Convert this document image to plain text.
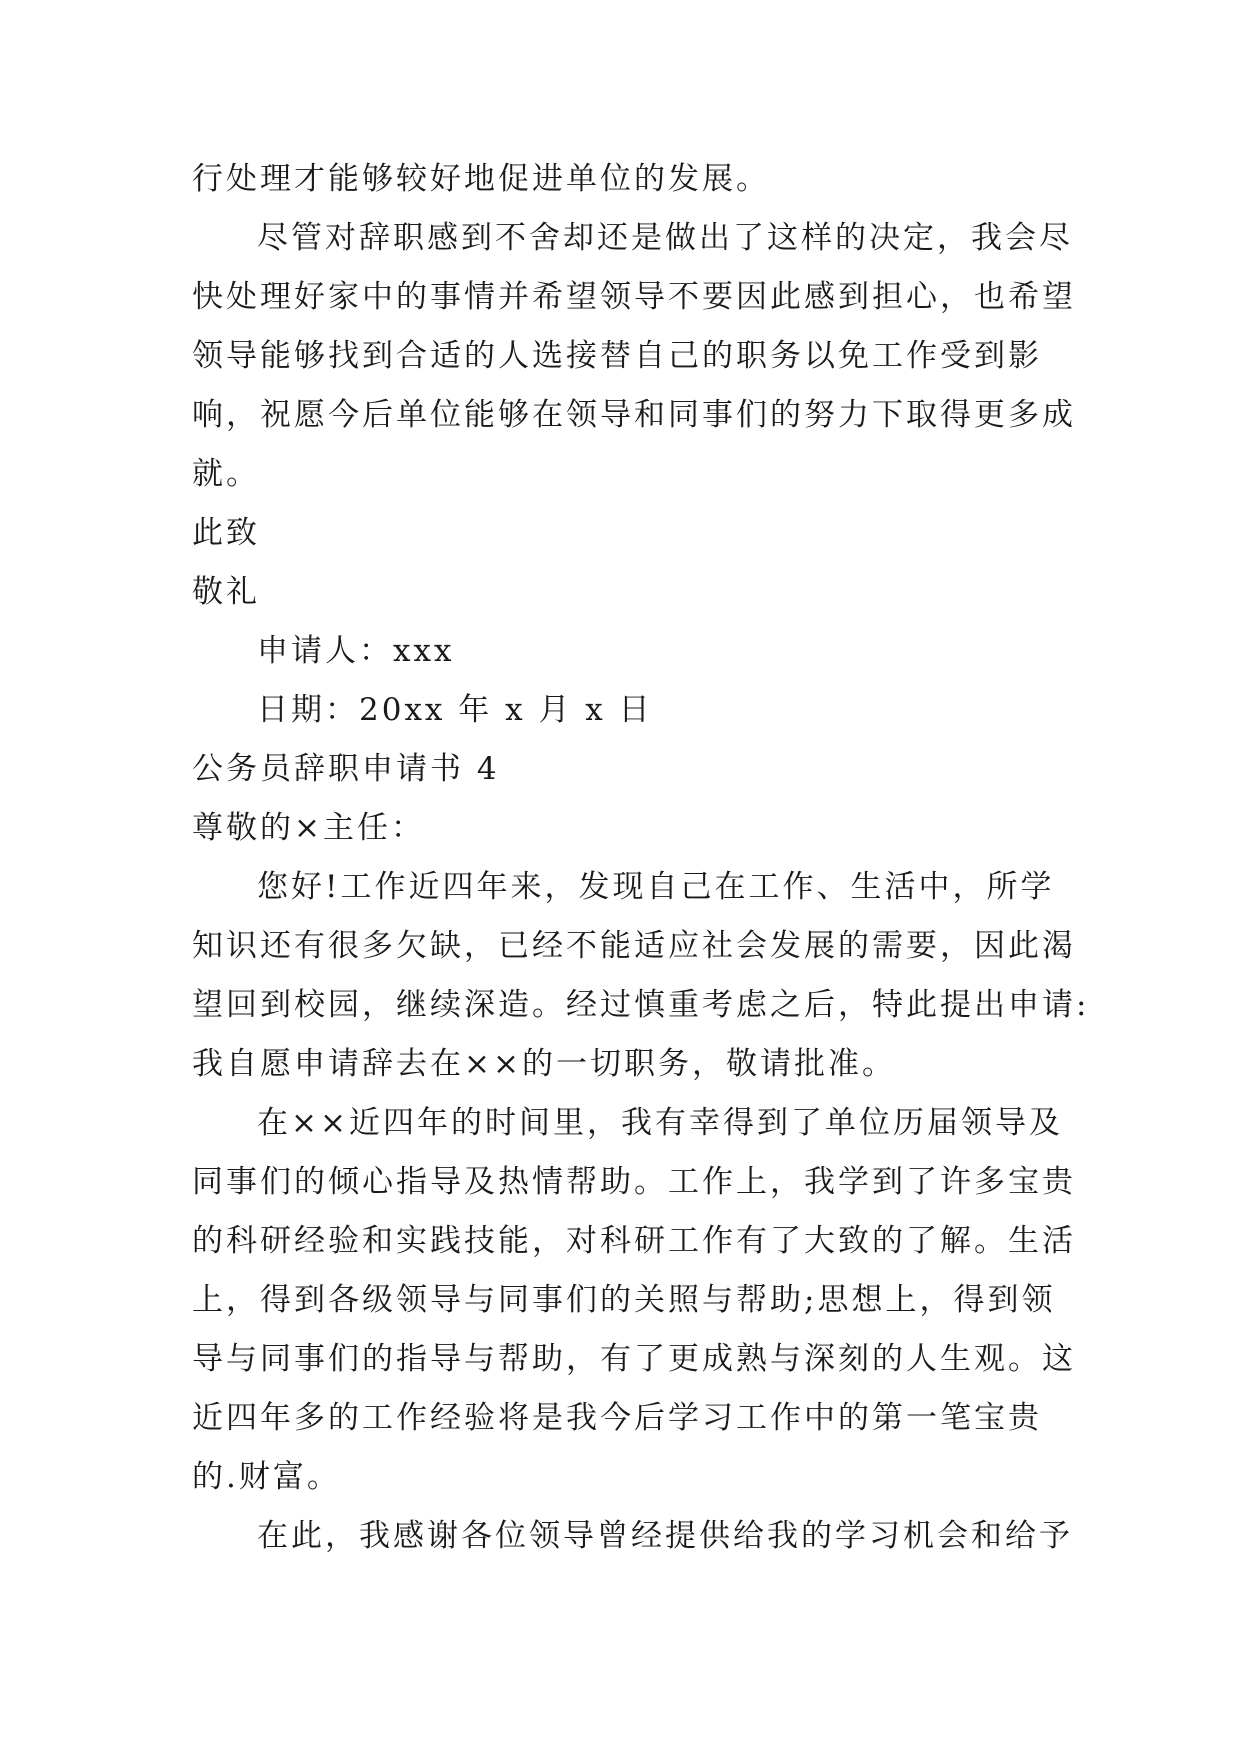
行处理才能够较好地促进单位的发展。
尽管对辞职感到不舍却还是做出了这样的决定，我会尽
快处理好家中的事情并希望领导不要因此感到担心，也希望
领导能够找到合适的人选接替自己的职务以免工作受到影
响，祝愿今后单位能够在领导和同事们的努力下取得更多成
就。
此致
敬礼
申请人：xxx
日期：20xx 年 x 月 x 日
公务员辞职申请书 4
尊敬的×主任：
您好!工作近四年来，发现自己在工作、生活中，所学
知识还有很多欠缺，已经不能适应社会发展的需要，因此渴
望回到校园，继续深造。经过慎重考虑之后，特此提出申请:
我自愿申请辞去在××的一切职务，敬请批准。
在××近四年的时间里，我有幸得到了单位历届领导及
同事们的倾心指导及热情帮助。工作上，我学到了许多宝贵
的科研经验和实践技能，对科研工作有了大致的了解。生活
上，得到各级领导与同事们的关照与帮助;思想上，得到领
导与同事们的指导与帮助，有了更成熟与深刻的人生观。这
近四年多的工作经验将是我今后学习工作中的第一笔宝贵
的.财富。
在此，我感谢各位领导曾经提供给我的学习机会和给予
